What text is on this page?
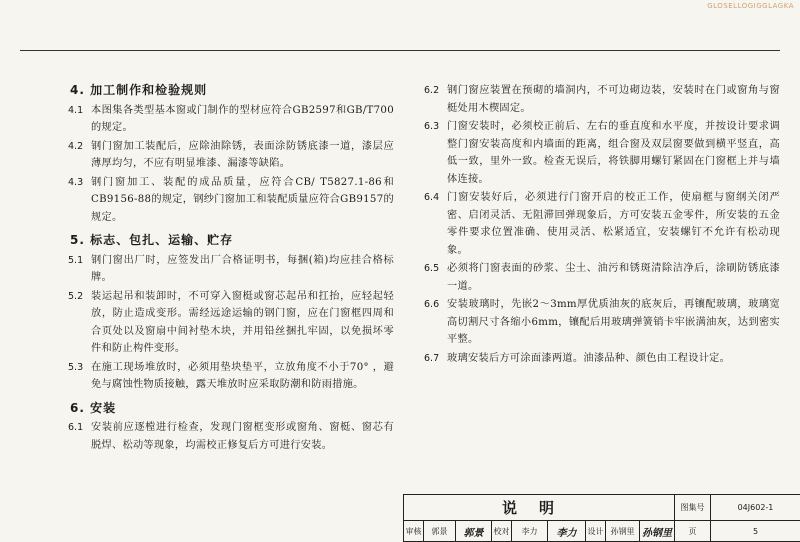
GLOSELLOGIGGLAGKA
4. 加工制作和检验规则
4.1 本图集各类型基本窗或门制作的型材应符合GB2597和GB/T700的规定。
4.2 钢门窗加工装配后，应除油除锈，表面涂防锈底漆一道，漆层应薄厚均匀，不应有明显堆漆、漏漆等缺陷。
4.3 钢门窗加工、装配的成品质量，应符合CB/ T5827.1-86和CB9156-88的规定，钢纱门窗加工和装配质量应符合GB9157的规定。
5. 标志、包扎、运输、贮存
5.1 钢门窗出厂时，应签发出厂合格证明书，每捆(箱)均应挂合格标牌。
5.2 装运起吊和装卸时，不可穿入窗梃或窗芯起吊和扛抬，应轻起轻放，防止造成变形。需经远途运输的钢门窗，应在门窗框四周和合页处以及窗扇中间衬垫木块，并用铅丝捆扎牢固，以免损坏零件和防止构件变形。
5.3 在施工现场堆放时，必须用垫块垫平，立放角度不小于70° ，避免与腐蚀性物质接触，露天堆放时应采取防潮和防雨措施。
6. 安装
6.1 安装前应逐樘进行检查，发现门窗框变形或窗角、窗梃、窗芯有脱焊、松动等现象，均需校正修复后方可进行安装。
6.2 钢门窗应装置在预砌的墙洞内，不可边砌边装，安装时在门或窗角与窗梃处用木楔固定。
6.3 门窗安装时，必须校正前后、左右的垂直度和水平度，并按设计要求调整门窗安装高度和内墙面的距离，组合窗及双层窗要做到横平竖直，高低一致，里外一致。检查无误后，将铁脚用螺钉紧固在门窗框上并与墙体连接。
6.4 门窗安装好后，必须进行门窗开启的校正工作，使扇框与窗纲关闭严密、启闭灵活、无阻滞回弹现象后，方可安装五金零件，所安装的五金零件要求位置准确、使用灵活、松紧适宜，安装螺钉不允许有松动现象。
6.5 必须将门窗表面的砂浆、尘土、油污和锈斑清除洁净后，涂刷防锈底漆一道。
6.6 安装玻璃时，先嵌2～3mm厚优质油灰的底灰后，再镶配玻璃，玻璃宽高切割尺寸各缩小6mm，镶配后用玻璃弹簧销卡牢嵌满油灰，达到密实平整。
6.7 玻璃安装后方可涂面漆两道。油漆品种、颜色由工程设计定。
说明	图集号	04J602-1
审核	郭景	郭景	校对	李力	李力	设计 孙钢里 孙钢里	页	5
